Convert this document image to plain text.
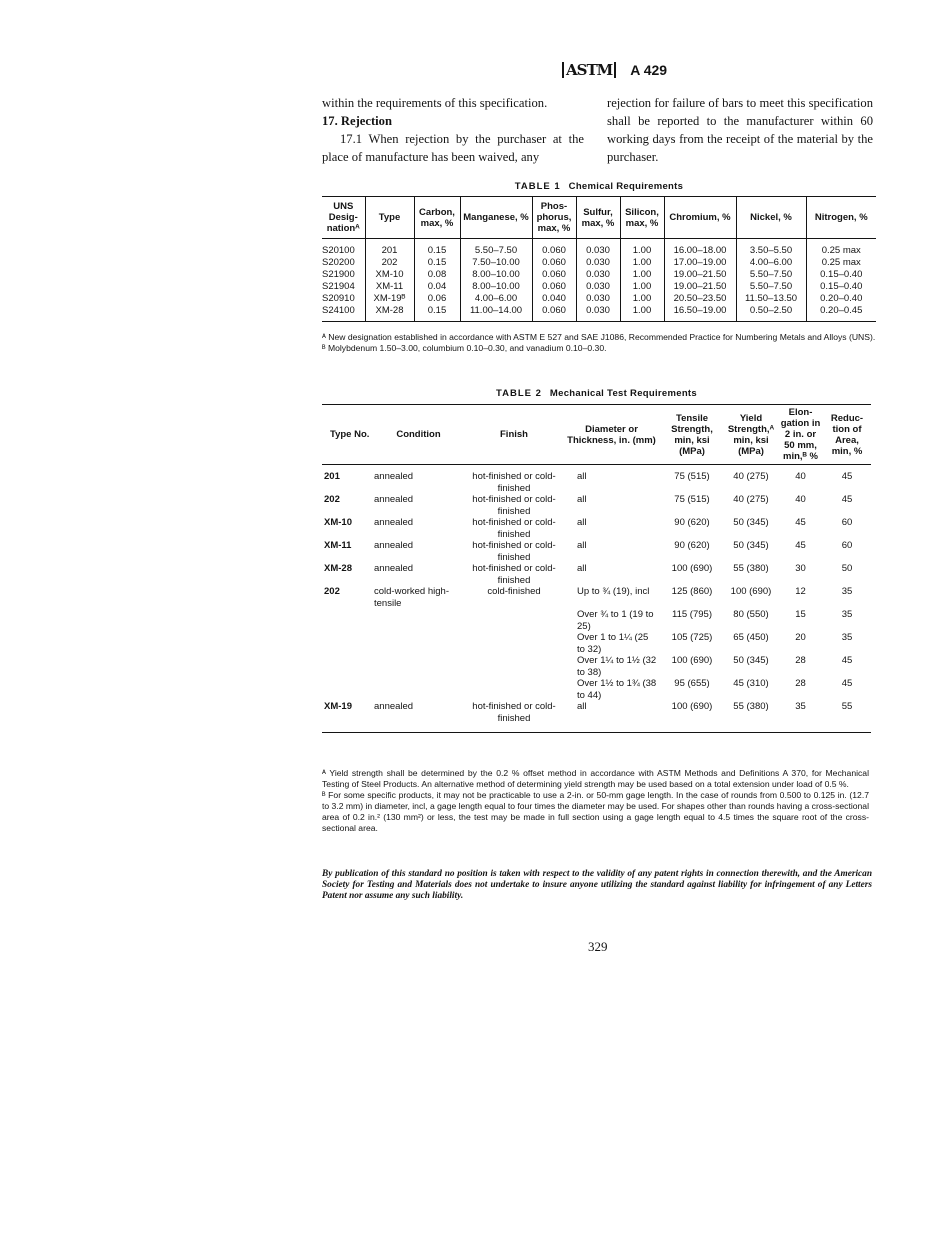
ASTM A 429

within the requirements of this specification.

17. Rejection

17.1 When rejection by the purchaser at the place of manufacture has been waived, any

rejection for failure of bars to meet this specification shall be reported to the manufacturer within 60 working days from the receipt of the material by the purchaser.

TABLE 1 Chemical Requirements
UNS Desig-nationᴬ	Type	Carbon, max, %	Manganese, %	Phos-phorus, max, %	Sulfur, max, %	Silicon, max, %	Chromium, %	Nickel, %	Nitrogen, %
S20100	201	0.15	5.50–7.50	0.060	0.030	1.00	16.00–18.00	3.50–5.50	0.25 max
S20200	202	0.15	7.50–10.00	0.060	0.030	1.00	17.00–19.00	4.00–6.00	0.25 max
S21900	XM-10	0.08	8.00–10.00	0.060	0.030	1.00	19.00–21.50	5.50–7.50	0.15–0.40
S21904	XM-11	0.04	8.00–10.00	0.060	0.030	1.00	19.00–21.50	5.50–7.50	0.15–0.40
S20910	XM-19ᴮ	0.06	4.00–6.00	0.040	0.030	1.00	20.50–23.50	11.50–13.50	0.20–0.40
S24100	XM-28	0.15	11.00–14.00	0.060	0.030	1.00	16.50–19.00	0.50–2.50	0.20–0.45

ᴬ New designation established in accordance with ASTM E 527 and SAE J1086, Recommended Practice for Numbering Metals and Alloys (UNS).

ᴮ Molybdenum 1.50–3.00, columbium 0.10–0.30, and vanadium 0.10–0.30.

TABLE 2 Mechanical Test Requirements
Type No.	Condition	Finish	Diameter or Thickness, in. (mm)	Tensile Strength, min, ksi (MPa)	Yield Strength,ᴬ min, ksi (MPa)	Elon-gation in 2 in. or 50 mm, min,ᴮ %	Reduc-tion of Area, min, %
201	annealed	hot-finished or cold-finished	all	75 (515)	40 (275)	40	45
202	annealed	hot-finished or cold-finished	all	75 (515)	40 (275)	40	45
XM-10	annealed	hot-finished or cold-finished	all	90 (620)	50 (345)	45	60
XM-11	annealed	hot-finished or cold-finished	all	90 (620)	50 (345)	45	60
XM-28	annealed	hot-finished or cold-finished	all	100 (690)	55 (380)	30	50
202	cold-worked high-tensile	cold-finished	Up to ¾ (19), incl	125 (860)	100 (690)	12	35
			Over ¾ to 1 (19 to 25)	115 (795)	80 (550)	15	35
			Over 1 to 1¼ (25 to 32)	105 (725)	65 (450)	20	35
			Over 1¼ to 1½ (32 to 38)	100 (690)	50 (345)	28	45
			Over 1½ to 1¾ (38 to 44)	95 (655)	45 (310)	28	45
XM-19	annealed	hot-finished or cold-finished	all	100 (690)	55 (380)	35	55

ᴬ Yield strength shall be determined by the 0.2 % offset method in accordance with ASTM Methods and Definitions A 370, for Mechanical Testing of Steel Products. An alternative method of determining yield strength may be used based on a total extension under load of 0.5 %.

ᴮ For some specific products, it may not be practicable to use a 2-in. or 50-mm gage length. In the case of rounds from 0.500 to 0.125 in. (12.7 to 3.2 mm) in diameter, incl, a gage length equal to four times the diameter may be used. For shapes other than rounds having a cross-sectional area of 0.2 in.² (130 mm²) or less, the test may be made in full section using a gage length equal to 4.5 times the square root of the cross-sectional area.

By publication of this standard no position is taken with respect to the validity of any patent rights in connection therewith, and the American Society for Testing and Materials does not undertake to insure anyone utilizing the standard against liability for infringement of any Letters Patent nor assume any such liability.
329
